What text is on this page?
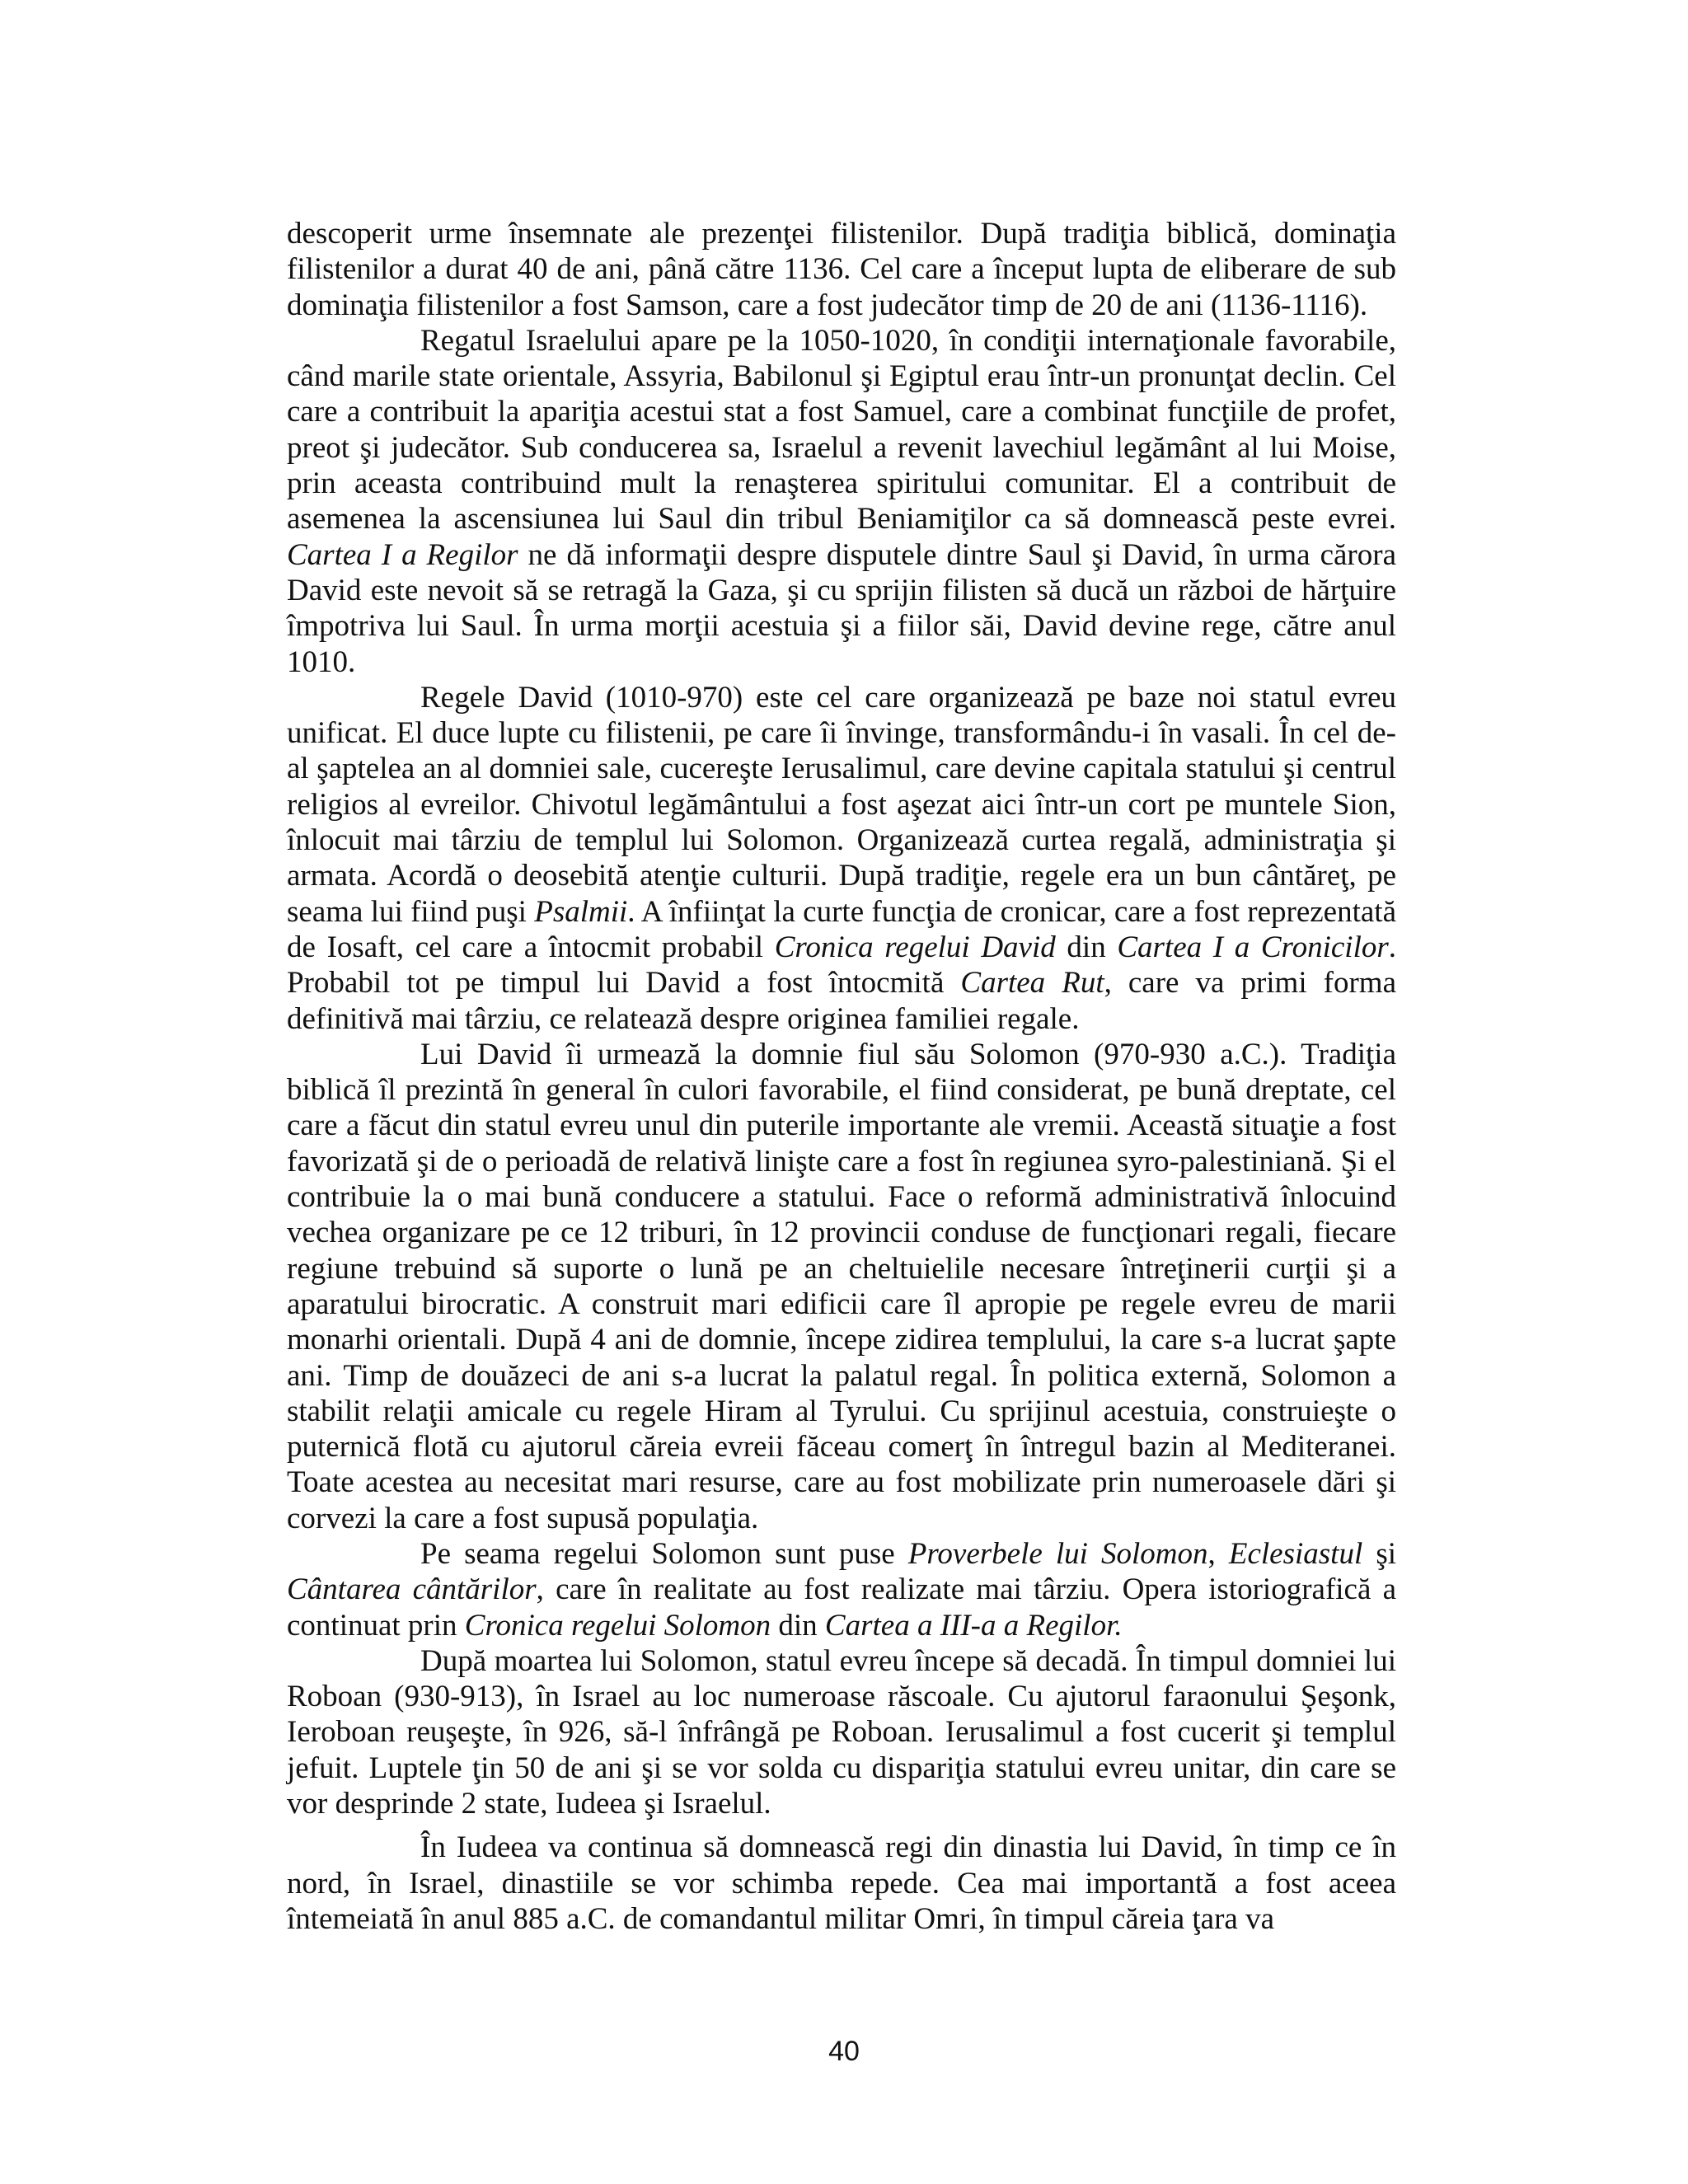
descoperit urme însemnate ale prezenţei filistenilor. După tradiţia biblică, dominaţia filistenilor a durat 40 de ani, până către 1136. Cel care a început lupta de eliberare de sub dominaţia filistenilor a fost Samson, care a fost judecător timp de 20 de ani (1136-1116).

Regatul Israelului apare pe la 1050-1020, în condiţii internaţionale favorabile, când marile state orientale, Assyria, Babilonul şi Egiptul erau într-un pronunţat declin. Cel care a contribuit la apariţia acestui stat a fost Samuel, care a combinat funcţiile de profet, preot şi judecător. Sub conducerea sa, Israelul a revenit lavechiul legământ al lui Moise, prin aceasta contribuind mult la renaşterea spiritului comunitar. El a contribuit de asemenea la ascensiunea lui Saul din tribul Beniamiţilor ca să domnească peste evrei. Cartea I a Regilor ne dă informaţii despre disputele dintre Saul şi David, în urma cărora David este nevoit să se retragă la Gaza, şi cu sprijin filisten să ducă un război de hărţuire împotriva lui Saul. În urma morţii acestuia şi a fiilor săi, David devine rege, către anul 1010.

Regele David (1010-970) este cel care organizează pe baze noi statul evreu unificat. El duce lupte cu filistenii, pe care îi învinge, transformându-i în vasali. În cel de-al şaptelea an al domniei sale, cucereşte Ierusalimul, care devine capitala statului şi centrul religios al evreilor. Chivotul legământului a fost aşezat aici într-un cort pe muntele Sion, înlocuit mai târziu de templul lui Solomon. Organizează curtea regală, administraţia şi armata. Acordă o deosebită atenţie culturii. După tradiţie, regele era un bun cântăreţ, pe seama lui fiind puşi Psalmii. A înfiinţat la curte funcţia de cronicar, care a fost reprezentată de Iosaft, cel care a întocmit probabil Cronica regelui David din Cartea I a Cronicilor. Probabil tot pe timpul lui David a fost întocmită Cartea Rut, care va primi forma definitivă mai târziu, ce relatează despre originea familiei regale.

Lui David îi urmează la domnie fiul său Solomon (970-930 a.C.). Tradiţia biblică îl prezintă în general în culori favorabile, el fiind considerat, pe bună dreptate, cel care a făcut din statul evreu unul din puterile importante ale vremii. Această situaţie a fost favorizată şi de o perioadă de relativă linişte care a fost în regiunea syro-palestiniană. Şi el contribuie la o mai bună conducere a statului. Face o reformă administrativă înlocuind vechea organizare pe ce 12 triburi, în 12 provincii conduse de funcţionari regali, fiecare regiune trebuind să suporte o lună pe an cheltuielile necesare întreţinerii curţii şi a aparatului birocratic. A construit mari edificii care îl apropie pe regele evreu de marii monarhi orientali. După 4 ani de domnie, începe zidirea templului, la care s-a lucrat şapte ani. Timp de douăzeci de ani s-a lucrat la palatul regal. În politica externă, Solomon a stabilit relaţii amicale cu regele Hiram al Tyrului. Cu sprijinul acestuia, construieşte o puternică flotă cu ajutorul căreia evreii făceau comerţ în întregul bazin al Mediteranei. Toate acestea au necesitat mari resurse, care au fost mobilizate prin numeroasele dări şi corvezi la care a fost supusă populaţia.

Pe seama regelui Solomon sunt puse Proverbele lui Solomon, Eclesiastul şi Cântarea cântărilor, care în realitate au fost realizate mai târziu. Opera istoriografică a continuat prin Cronica regelui Solomon din Cartea a III-a a Regilor.

După moartea lui Solomon, statul evreu începe să decadă. În timpul domniei lui Roboan (930-913), în Israel au loc numeroase răscoale. Cu ajutorul faraonului Şeşonk, Ieroboan reuşeşte, în 926, să-l înfrângă pe Roboan. Ierusalimul a fost cucerit şi templul jefuit. Luptele ţin 50 de ani şi se vor solda cu dispariţia statului evreu unitar, din care se vor desprinde 2 state, Iudeea şi Israelul.

În Iudeea va continua să domnească regi din dinastia lui David, în timp ce în nord, în Israel, dinastiile se vor schimba repede. Cea mai importantă a fost aceea întemeiată în anul 885 a.C. de comandantul militar Omri, în timpul căreia ţara va

40
